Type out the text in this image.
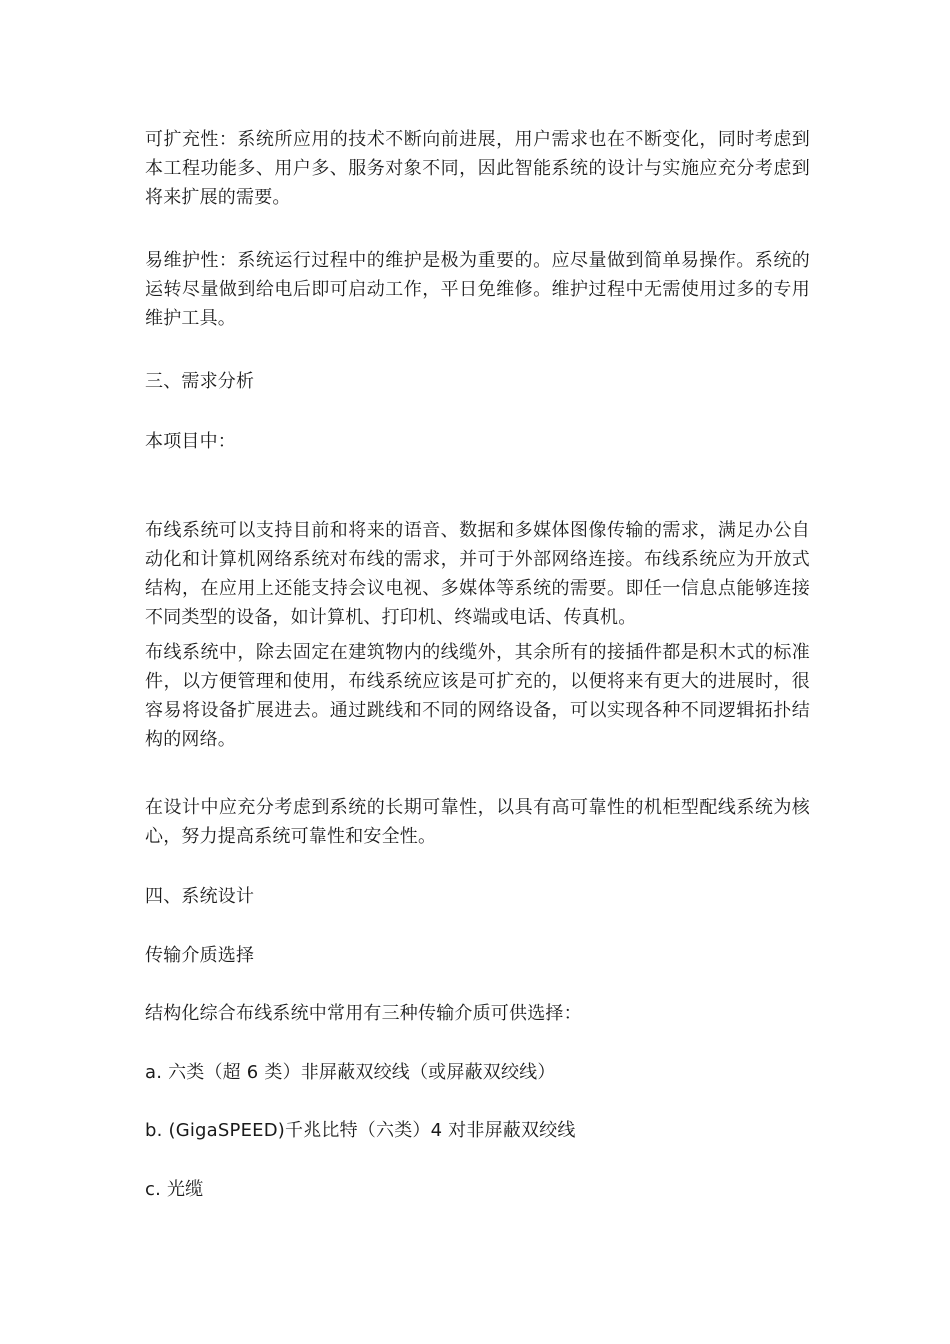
可扩充性：系统所应用的技术不断向前进展，用户需求也在不断变化，同时考虑到本工程功能多、用户多、服务对象不同，因此智能系统的设计与实施应充分考虑到将来扩展的需要。

易维护性：系统运行过程中的维护是极为重要的。应尽量做到简单易操作。系统的运转尽量做到给电后即可启动工作，平日免维修。维护过程中无需使用过多的专用维护工具。

三、需求分析

本项目中：

布线系统可以支持目前和将来的语音、数据和多媒体图像传输的需求，满足办公自动化和计算机网络系统对布线的需求，并可于外部网络连接。布线系统应为开放式结构，在应用上还能支持会议电视、多媒体等系统的需要。即任一信息点能够连接不同类型的设备，如计算机、打印机、终端或电话、传真机。

布线系统中，除去固定在建筑物内的线缆外，其余所有的接插件都是积木式的标准件，以方便管理和使用，布线系统应该是可扩充的，以便将来有更大的进展时，很容易将设备扩展进去。通过跳线和不同的网络设备，可以实现各种不同逻辑拓扑结构的网络。

在设计中应充分考虑到系统的长期可靠性，以具有高可靠性的机柜型配线系统为核心，努力提高系统可靠性和安全性。

四、系统设计

传输介质选择

结构化综合布线系统中常用有三种传输介质可供选择：

a. 六类（超 6 类）非屏蔽双绞线（或屏蔽双绞线）

b. (GigaSPEED)千兆比特（六类）4 对非屏蔽双绞线

c. 光缆
